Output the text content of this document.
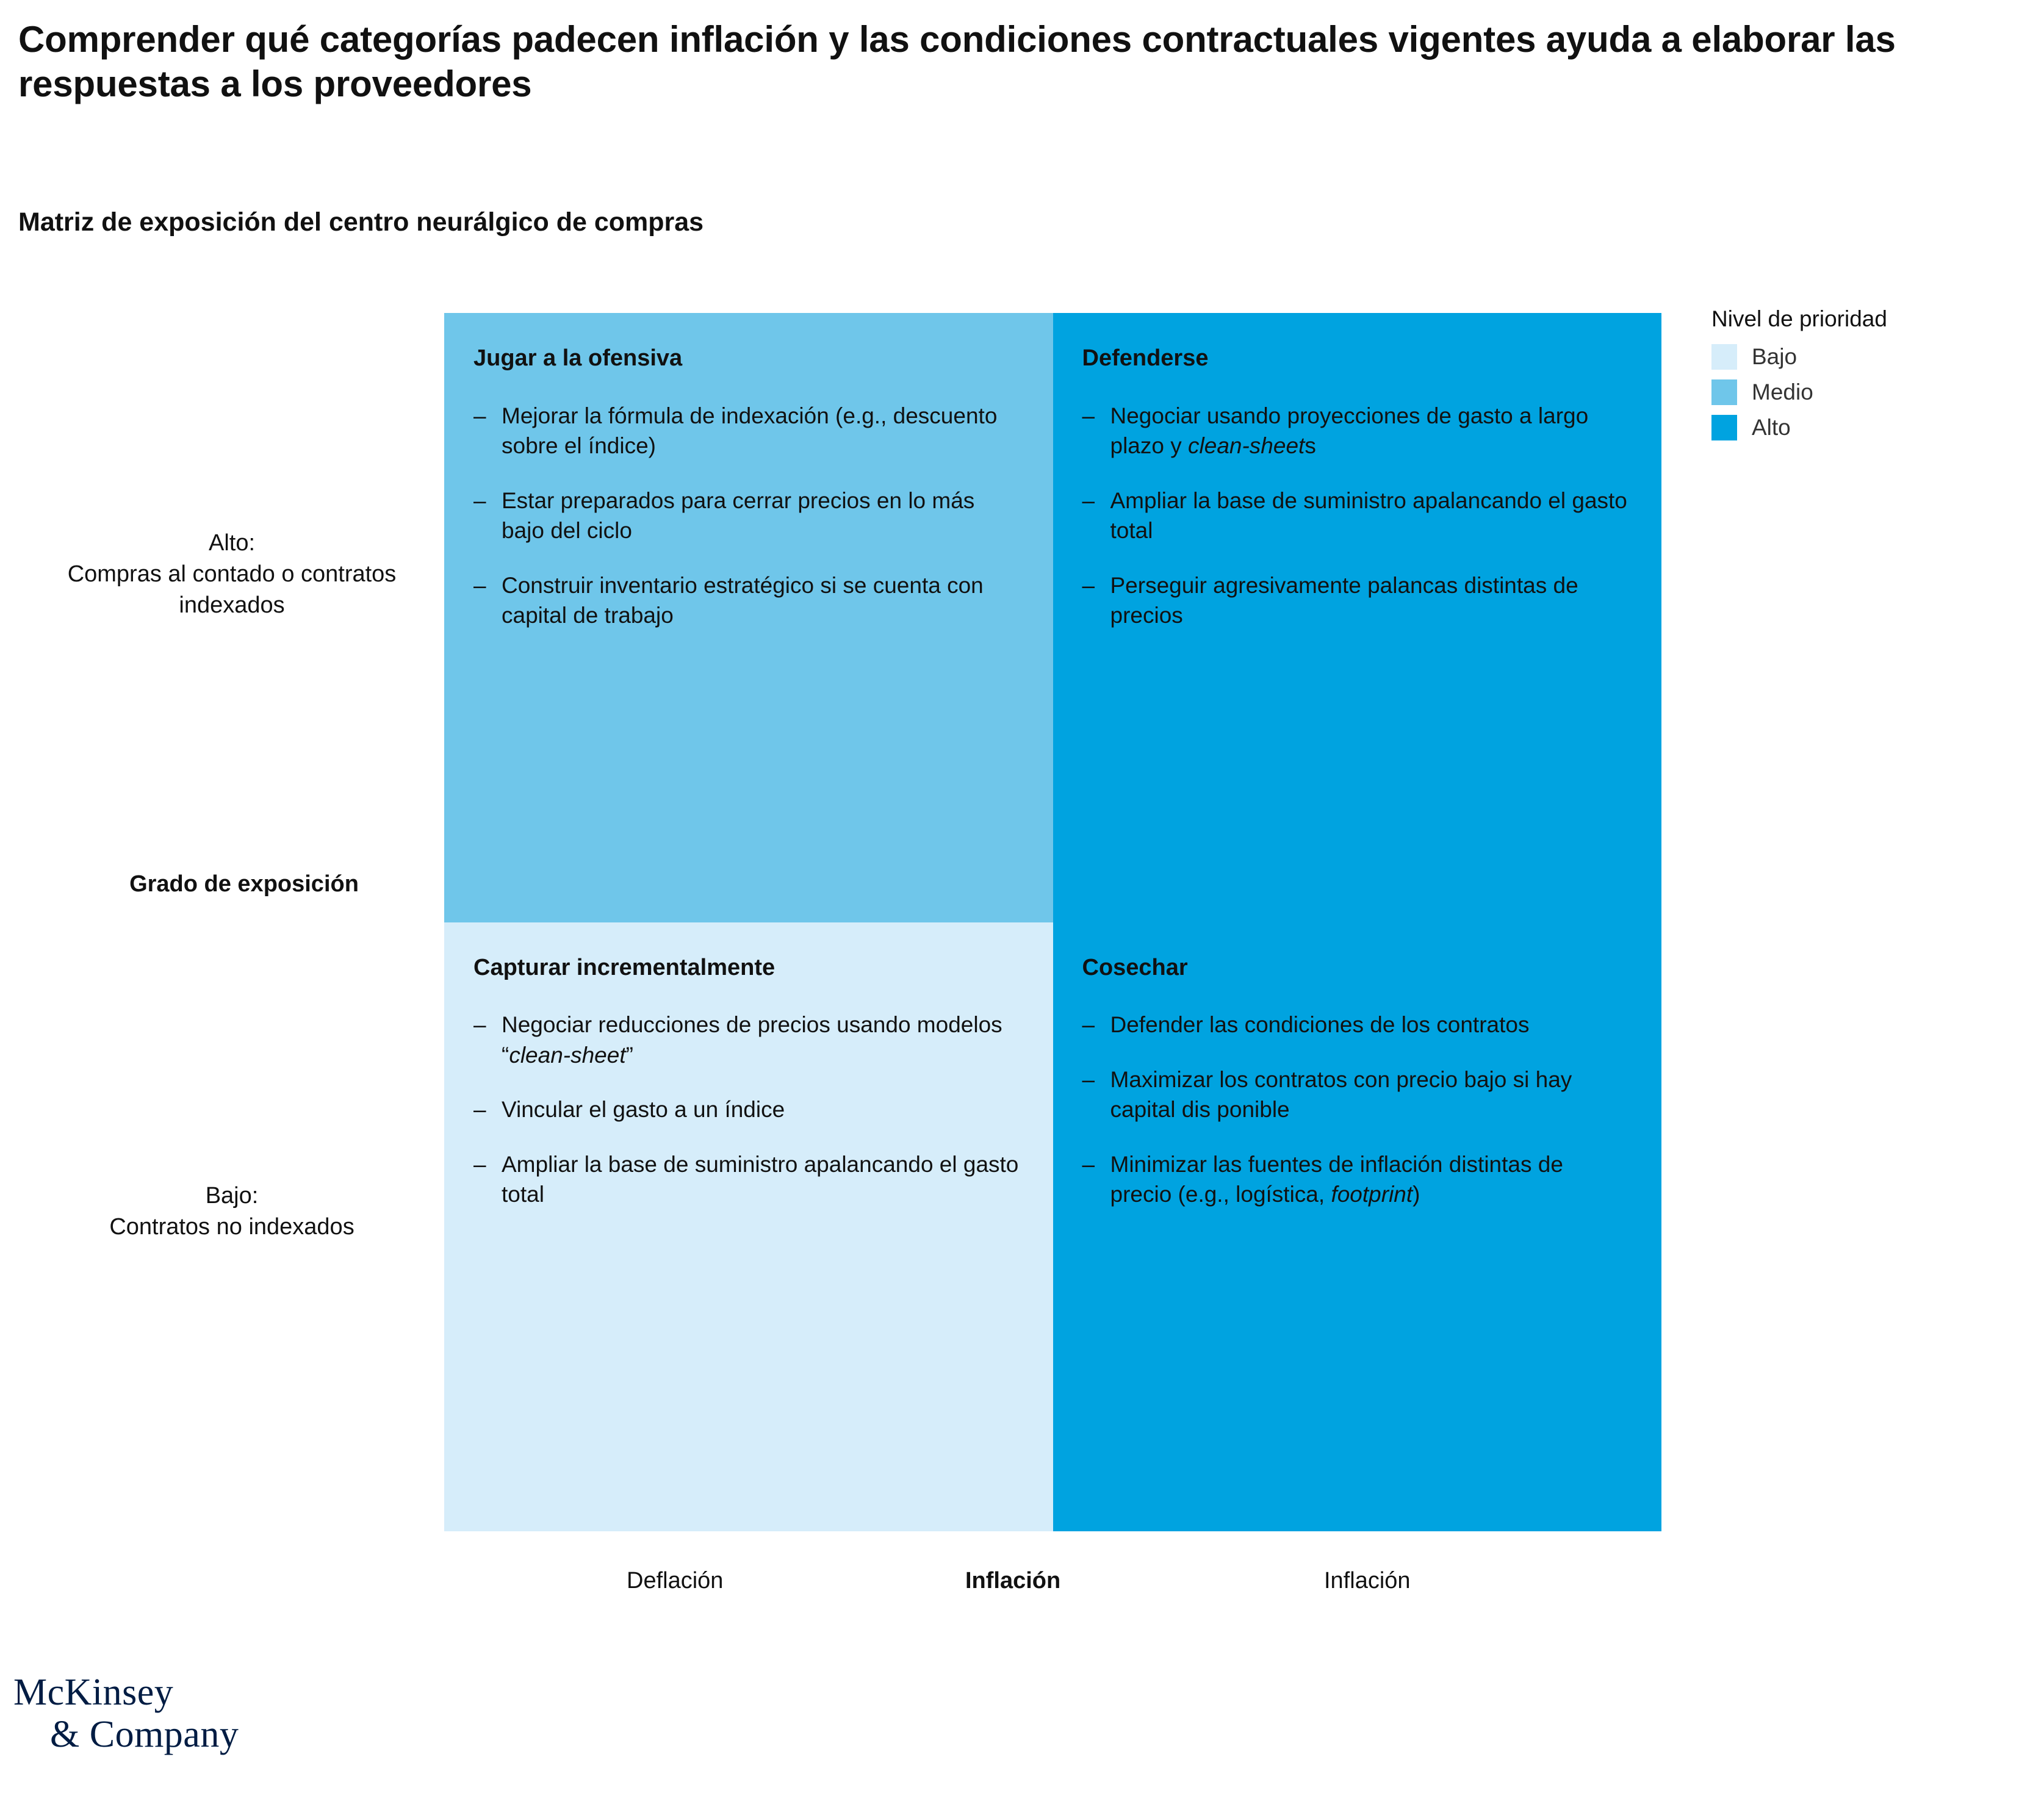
Comprender qué categorías padecen inflación y las condiciones contractuales vigentes ayuda a elaborar las respuestas a los proveedores
Matriz de exposición del centro neurálgico de compras
Grado de exposición
Alto:
Compras al contado o contratos indexados
Bajo:
Contratos no indexados
Jugar a la ofensiva
– Mejorar la fórmula de indexación (e.g., descuento sobre el índice)
– Estar preparados para cerrar precios en lo más bajo del ciclo
– Construir inventario estratégico si se cuenta con capital de trabajo
Defenderse
– Negociar usando proyecciones de gasto a largo plazo y clean-sheets
– Ampliar la base de suministro apalancando el gasto total
– Perseguir agresivamente palancas distintas de precios
Capturar incrementalmente
– Negociar reducciones de precios usando modelos “clean-sheet”
– Vincular el gasto a un índice
– Ampliar la base de suministro apalancando el gasto total
Cosechar
– Defender las condiciones de los contratos
– Maximizar los contratos con precio bajo si hay capital dis ponible
– Minimizar las fuentes de inflación distintas de precio (e.g., logística, footprint)
Deflación	Inflación	Inflación
Nivel de prioridad
Bajo
Medio
Alto
McKinsey
& Company
